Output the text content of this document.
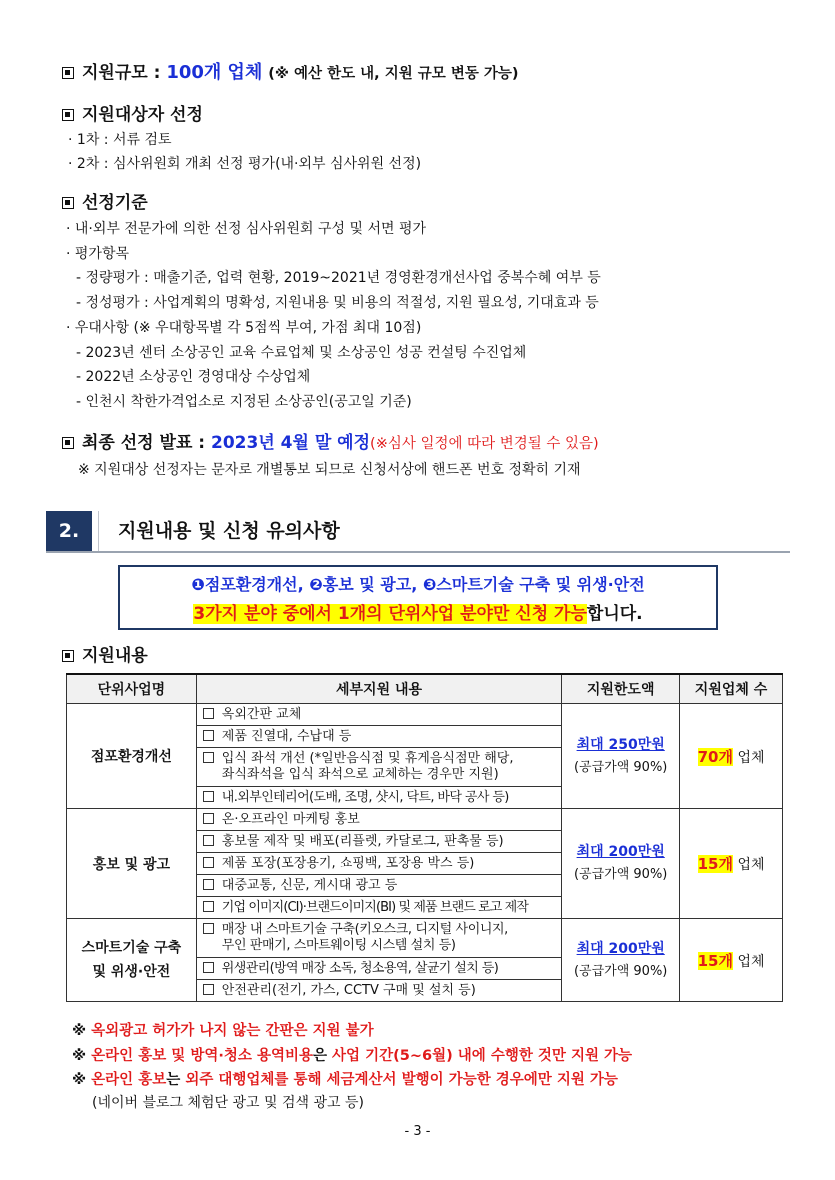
지원규모 : 100개 업체 (※ 예산 한도 내, 지원 규모 변동 가능)
지원대상자 선정
· 1차 : 서류 검토
· 2차 : 심사위원회 개최 선정 평가(내·외부 심사위원 선정)
선정기준
· 내·외부 전문가에 의한 선정 심사위원회 구성 및 서면 평가
· 평가항목
- 정량평가 : 매출기준, 업력 현황, 2019~2021년 경영환경개선사업 중복수혜 여부 등
- 정성평가 : 사업계획의 명확성, 지원내용 및 비용의 적절성, 지원 필요성, 기대효과 등
· 우대사항 (※ 우대항목별 각 5점씩 부여, 가점 최대 10점)
- 2023년 센터 소상공인 교육 수료업체 및 소상공인 성공 컨설팅 수진업체
- 2022년 소상공인 경영대상 수상업체
- 인천시 착한가격업소로 지정된 소상공인(공고일 기준)
최종 선정 발표 : 2023년 4월 말 예정(※심사 일정에 따라 변경될 수 있음)
※ 지원대상 선정자는 문자로 개별통보 되므로 신청서상에 핸드폰 번호 정확히 기재
2.	지원내용 및 신청 유의사항
❶점포환경개선, ❷홍보 및 광고, ❸스마트기술 구축 및 위생·안전
3가지 분야 중에서 1개의 단위사업 분야만 신청 가능합니다.
지원내용
단위사업명	세부지원 내용	지원한도액	지원업체 수
점포환경개선	옥외간판 교체	최대 250만원
(공급가액 90%)	70개 업체
	제품 진열대, 수납대 등		
	입식 좌석 개선 (*일반음식점 및 휴게음식점만 해당,
좌식좌석을 입식 좌석으로 교체하는 경우만 지원)		
	내.외부인테리어(도배, 조명, 샷시, 닥트, 바닥 공사 등)		
홍보 및 광고	온·오프라인 마케팅 홍보	최대 200만원
(공급가액 90%)	15개 업체
	홍보물 제작 및 배포(리플렛, 카달로그, 판촉물 등)		
	제품 포장(포장용기, 쇼핑백, 포장용 박스 등)		
	대중교통, 신문, 게시대 광고 등		
	기업 이미지(CI)·브랜드이미지(BI) 및 제품 브랜드 로고 제작		
스마트기술 구축
및 위생·안전	매장 내 스마트기술 구축(키오스크, 디지털 사이니지,
무인 판매기, 스마트웨이팅 시스템 설치 등)	최대 200만원
(공급가액 90%)	15개 업체
	위생관리(방역 매장 소독, 청소용역, 살균기 설치 등)		
	안전관리(전기, 가스, CCTV 구매 및 설치 등)		
※ 옥외광고 허가가 나지 않는 간판은 지원 불가
※ 온라인 홍보 및 방역·청소 용역비용은 사업 기간(5~6월) 내에 수행한 것만 지원 가능
※ 온라인 홍보는 외주 대행업체를 통해 세금계산서 발행이 가능한 경우에만 지원 가능
(네이버 블로그 체험단 광고 및 검색 광고 등)
- 3 -
